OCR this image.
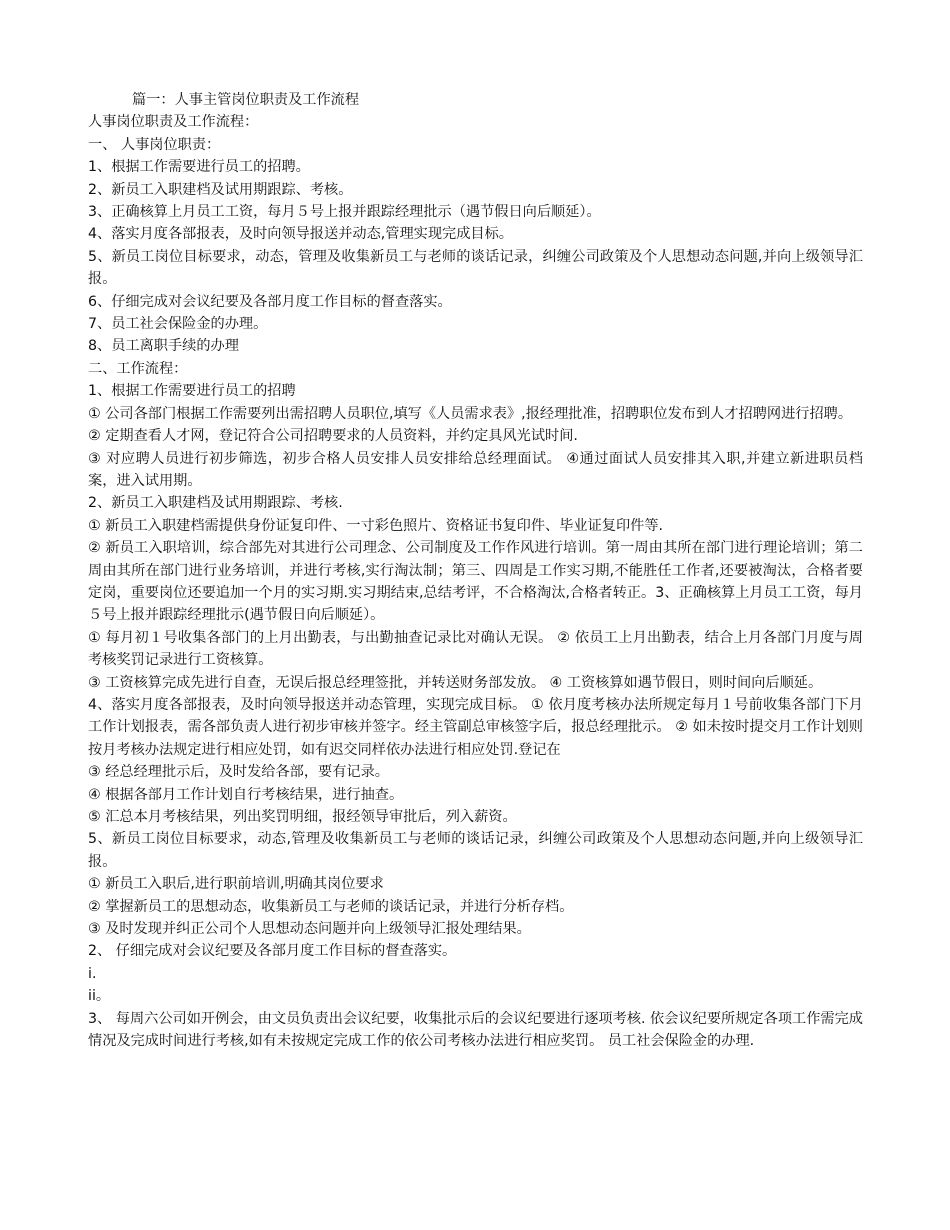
篇一：人事主管岗位职责及工作流程

人事岗位职责及工作流程：

一、 人事岗位职责：

1、根据工作需要进行员工的招聘。

2、新员工入职建档及试用期跟踪、考核。

3、正确核算上月员工工资，每月５号上报并跟踪经理批示（遇节假日向后顺延）。

4、落实月度各部报表，及时向领导报送并动态,管理实现完成目标。

5、新员工岗位目标要求，动态，管理及收集新员工与老师的谈话记录，纠缠公司政策及个人思想动态问题,并向上级领导汇报。

6、仔细完成对会议纪要及各部月度工作目标的督查落实。

7、员工社会保险金的办理。

8、员工离职手续的办理

二、工作流程：

1、根据工作需要进行员工的招聘

① 公司各部门根据工作需要列出需招聘人员职位,填写《人员需求表》,报经理批准，招聘职位发布到人才招聘网进行招聘。

② 定期查看人才网，登记符合公司招聘要求的人员资料，并约定具风光试时间.

③ 对应聘人员进行初步筛选，初步合格人员安排人员安排给总经理面试。 ④通过面试人员安排其入职,并建立新进职员档案，进入试用期。

2、新员工入职建档及试用期跟踪、考核.

① 新员工入职建档需提供身份证复印件、一寸彩色照片、资格证书复印件、毕业证复印件等.

② 新员工入职培训，综合部先对其进行公司理念、公司制度及工作作风进行培训。第一周由其所在部门进行理论培训；第二周由其所在部门进行业务培训，并进行考核,实行淘汰制；第三、四周是工作实习期,不能胜任工作者,还要被淘汰，合格者要定岗，重要岗位还要追加一个月的实习期.实习期结束,总结考评，不合格淘汰,合格者转正。3、正确核算上月员工工资，每月５号上报并跟踪经理批示(遇节假日向后顺延）。

① 每月初１号收集各部门的上月出勤表，与出勤抽查记录比对确认无误。 ② 依员工上月出勤表，结合上月各部门月度与周考核奖罚记录进行工资核算。

③ 工资核算完成先进行自查，无误后报总经理签批，并转送财务部发放。 ④ 工资核算如遇节假日，则时间向后顺延。

4、落实月度各部报表，及时向领导报送并动态管理，实现完成目标。 ① 依月度考核办法所规定每月１号前收集各部门下月工作计划报表，需各部负责人进行初步审核并签字。经主管副总审核签字后，报总经理批示。 ② 如未按时提交月工作计划则按月考核办法规定进行相应处罚，如有迟交同样依办法进行相应处罚.登记在

③ 经总经理批示后，及时发给各部，要有记录。

④ 根据各部月工作计划自行考核结果，进行抽查。

⑤ 汇总本月考核结果，列出奖罚明细，报经领导审批后，列入薪资。

5、新员工岗位目标要求，动态,管理及收集新员工与老师的谈话记录，纠缠公司政策及个人思想动态问题,并向上级领导汇报。

① 新员工入职后,进行职前培训,明确其岗位要求

② 掌握新员工的思想动态，收集新员工与老师的谈话记录，并进行分析存档。

③ 及时发现并纠正公司个人思想动态问题并向上级领导汇报处理结果。

2、 仔细完成对会议纪要及各部月度工作目标的督查落实。

i.

ii。

3、 每周六公司如开例会，由文员负责出会议纪要，收集批示后的会议纪要进行逐项考核. 依会议纪要所规定各项工作需完成情况及完成时间进行考核,如有未按规定完成工作的依公司考核办法进行相应奖罚。 员工社会保险金的办理.
